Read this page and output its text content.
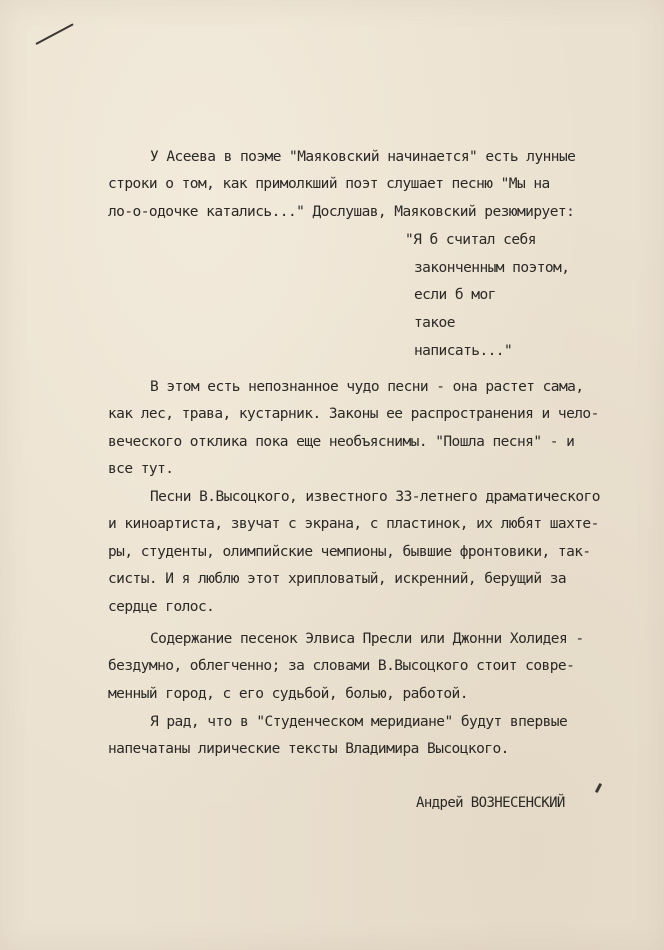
У Асеева в поэме "Маяковский начинается" есть лунные
строки о том, как примолкший поэт слушает песню "Мы на
ло-о-одочке катались..." Дослушав, Маяковский резюмирует:
"Я б считал себя
законченным поэтом,
если б мог
такое
написать..."
В этом есть непознанное чудо песни - она растет сама,
как лес, трава, кустарник. Законы ее распространения и чело-
веческого отклика пока еще необъяснимы. "Пошла песня" - и
все тут.
Песни В.Высоцкого, известного 33-летнего драматического
и киноартиста, звучат с экрана, с пластинок, их любят шахте-
ры, студенты, олимпийские чемпионы, бывшие фронтовики, так-
систы. И я люблю этот хрипловатый, искренний, берущий за
сердце голос.
Содержание песенок Элвиса Пресли или Джонни Холидея -
бездумно, облегченно; за словами В.Высоцкого стоит совре-
менный город, с его судьбой, болью, работой.
Я рад, что в "Студенческом меридиане" будут впервые
напечатаны лирические тексты Владимира Высоцкого.
Андрей ВОЗНЕСЕНСКИЙ
